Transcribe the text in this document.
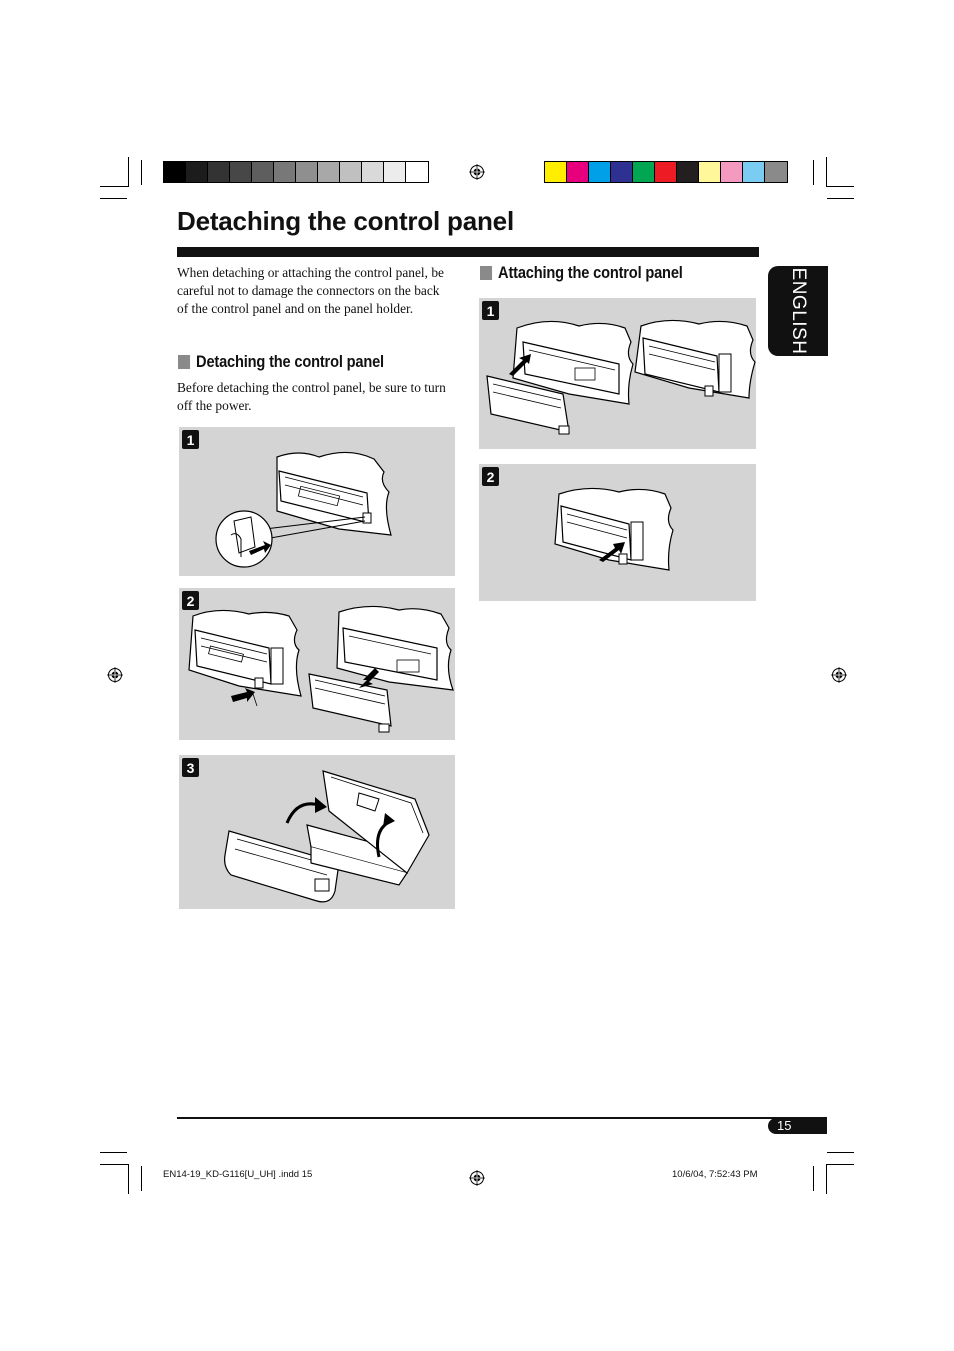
Detaching the control panel
ENGLISH

When detaching or attaching the control panel, be careful not to damage the connectors on the back of the control panel and on the panel holder.

Detaching the control panel

Before detaching the control panel, be sure to turn off the power.

1
2
3
Attaching the control panel
1
2
15
EN14-19_KD-G116[U_UH] .indd 15	10/6/04, 7:52:43 PM
